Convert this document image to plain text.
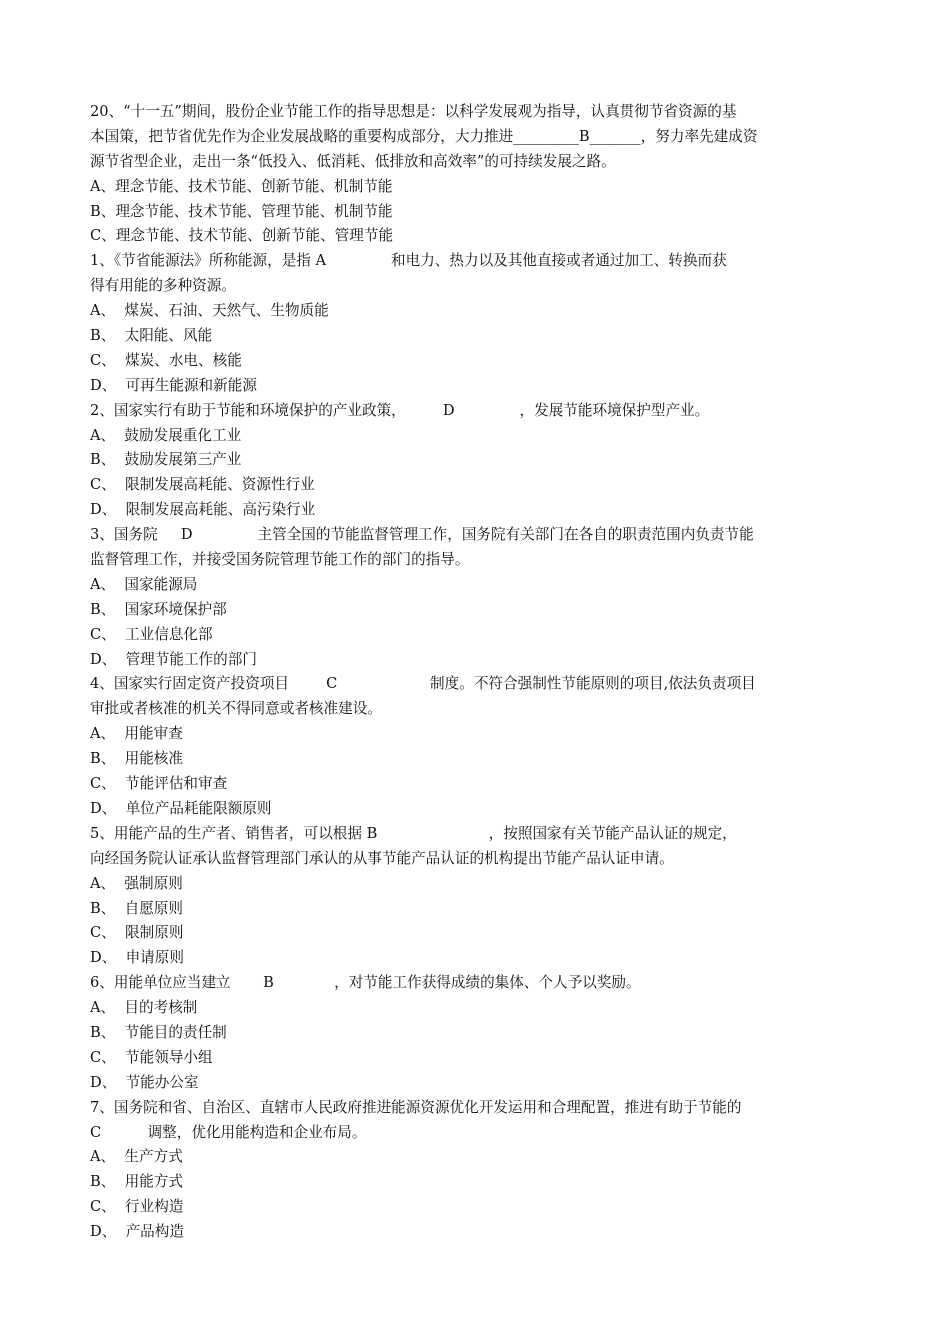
20、“十一五”期间，股份企业节能工作的指导思想是：以科学发展观为指导，认真贯彻节省资源的基
本国策，把节省优先作为企业发展战略的重要构成部分，大力推进_________B_______，努力率先建成资
源节省型企业，走出一条“低投入、低消耗、低排放和高效率”的可持续发展之路。
A、理念节能、技术节能、创新节能、机制节能
B、理念节能、技术节能、管理节能、机制节能
C、理念节能、技术节能、创新节能、管理节能
1、《节省能源法》所称能源，是指 A              和电力、热力以及其他直接或者通过加工、转换而获
得有用能的多种资源。
A、  煤炭、石油、天然气、生物质能
B、  太阳能、风能
C、  煤炭、水电、核能
D、  可再生能源和新能源
2、国家实行有助于节能和环境保护的产业政策，        D              ，发展节能环境保护型产业。
A、  鼓励发展重化工业
B、  鼓励发展第三产业
C、  限制发展高耗能、资源性行业
D、  限制发展高耗能、高污染行业
3、国务院     D              主管全国的节能监督管理工作，国务院有关部门在各自的职责范围内负责节能
监督管理工作，并接受国务院管理节能工作的部门的指导。
A、  国家能源局
B、  国家环境保护部
C、  工业信息化部
D、  管理节能工作的部门
4、国家实行固定资产投资项目        C                    制度。不符合强制性节能原则的项目,依法负责项目
审批或者核准的机关不得同意或者核准建设。
A、  用能审查
B、  用能核准
C、  节能评估和审查
D、  单位产品耗能限额原则
5、用能产品的生产者、销售者，可以根据 B                        ，按照国家有关节能产品认证的规定，
向经国务院认证承认监督管理部门承认的从事节能产品认证的机构提出节能产品认证申请。
A、  强制原则
B、  自愿原则
C、  限制原则
D、  申请原则
6、用能单位应当建立       B             ，对节能工作获得成绩的集体、个人予以奖励。
A、  目的考核制
B、  节能目的责任制
C、  节能领导小组
D、  节能办公室
7、国务院和省、自治区、直辖市人民政府推进能源资源优化开发运用和合理配置，推进有助于节能的
C          调整，优化用能构造和企业布局。
A、  生产方式
B、  用能方式
C、  行业构造
D、  产品构造
